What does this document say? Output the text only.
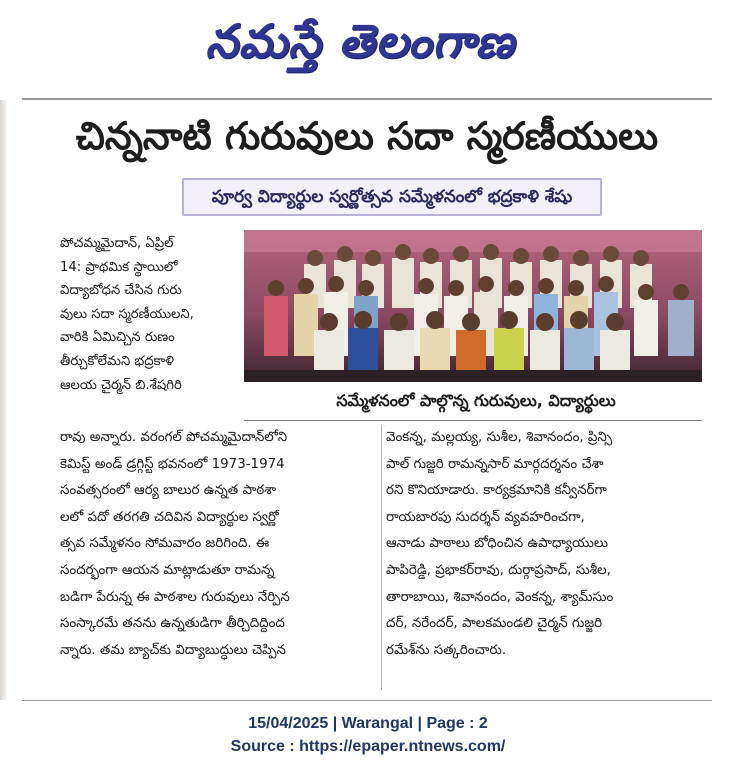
నమస్తే తెలంగాణ
చిన్ననాటి గురువులు సదా స్మరణీయులు
పూర్వ విద్యార్థుల స్వర్ణోత్సవ సమ్మేళనంలో భద్రకాళి శేషు
సమ్మేళనంలో పాల్గొన్న గురువులు, విద్యార్థులు
పోచమ్మమైదాన్, ఏప్రిల్
14: ప్రాథమిక స్థాయిలో
విద్యాబోధన చేసిన గురు
వులు సదా స్మరణీయులని,
వారికి ఏమిచ్చిన రుణం
తీర్చుకోలేమని భద్రకాళి
ఆలయ చైర్మన్ బి.శేషగిరి
రావు అన్నారు. వరంగల్ పోచమ్మమైదాన్‌లోని
కెమిస్ట్ అండ్ డ్రగ్గిస్ట్ భవనంలో 1973-1974
సంవత్సరంలో ఆర్య బాలుర ఉన్నత పాఠశా
లలో పదో తరగతి చదివిన విద్యార్థుల స్వర్ణో
త్సవ సమ్మేళనం సోమవారం జరిగింది. ఈ
సందర్భంగా ఆయన మాట్లాడుతూ రామన్న
బడిగా పేరున్న ఈ పాఠశాల గురువులు నేర్పిన
సంస్కారమే తనను ఉన్నతుడిగా తీర్చిదిద్దింద
న్నారు. తమ బ్యాచ్‌కు విద్యాబుద్ధులు చెప్పిన
వెంకన్న, మల్లయ్య, సుశీల, శివానందం, ప్రిన్సి
పాల్ గుజ్జరి రామన్నసార్ మార్గదర్శనం చేశా
రని కొనియాడారు. కార్యక్రమానికి కన్వీనర్‌గా
రాయబారపు సుదర్శన్ వ్యవహరించగా,
ఆనాడు పాఠాలు బోధించిన ఉపాధ్యాయులు
పాపిరెడ్డి, ప్రభాకర్‌రావు, దుర్గాప్రసాద్, సుశీల,
తారాబాయి, శివానందం, వెంకన్న, శ్యామ్‌సుం
దర్, నరేందర్, పాలకమండలి చైర్మన్ గుజ్జరి
రమేశ్‌ను సత్కరించారు.
15/04/2025 | Warangal | Page : 2
Source : https://epaper.ntnews.com/
